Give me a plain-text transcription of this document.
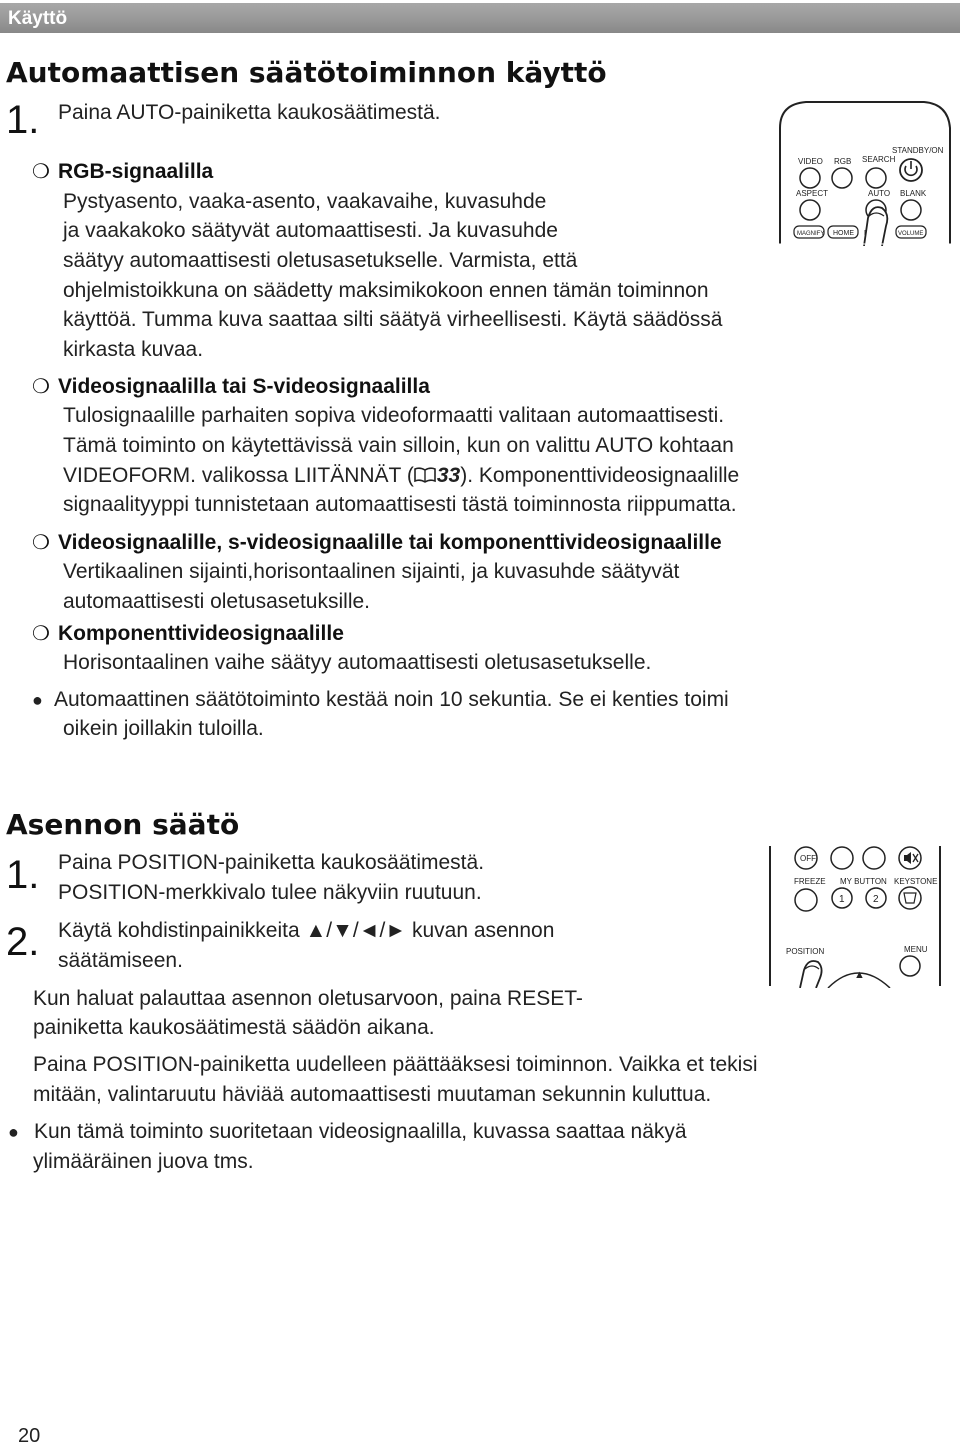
Käyttö
Automaattisen säätötoiminnon käyttö
1. Paina AUTO-painiketta kaukosäätimestä.
❍ RGB-signaalilla
Pystyasento, vaaka-asento, vaakavaihe, kuvasuhde
ja vaakakoko säätyvät automaattisesti. Ja kuvasuhde
säätyy automaattisesti oletusasetukselle. Varmista, että
ohjelmistoikkuna on säädetty maksimikokoon ennen tämän toiminnon
käyttöä. Tumma kuva saattaa silti säätyä virheellisesti. Käytä säädössä
kirkasta kuvaa.
❍ Videosignaalilla tai S-videosignaalilla
Tulosignaalille parhaiten sopiva videoformaatti valitaan automaattisesti.
Tämä toiminto on käytettävissä vain silloin, kun on valittu AUTO kohtaan
VIDEOFORM. valikossa LIITÄNNÄT ( 33). Komponenttivideosignaalille
signaalityyppi tunnistetaan automaattisesti tästä toiminnosta riippumatta.
❍ Videosignaalille, s-videosignaalille tai komponenttivideosignaalille
Vertikaalinen sijainti,horisontaalinen sijainti, ja kuvasuhde säätyvät
automaattisesti oletusasetuksille.
❍ Komponenttivideosignaalille
Horisontaalinen vaihe säätyy automaattisesti oletusasetukselle.
● Automaattinen säätötoiminto kestää noin 10 sekuntia. Se ei kenties toimi
oikein joillakin tuloilla.
STANDBY/ON
VIDEO RGB SEARCH
ASPECT	AUTO BLANK
MAGNIFY HOME	VOLUME
Asennon säätö
1. Paina POSITION-painiketta kaukosäätimestä.
POSITION-merkkivalo tulee näkyviin ruutuun.
2. Käytä kohdistinpainikkeita ▲/▼/◄/► kuvan asennon
säätämiseen.
Kun haluat palauttaa asennon oletusarvoon, paina RESET-
painiketta kaukosäätimestä säädön aikana.
Paina POSITION-painiketta uudelleen päättääksesi toiminnon. Vaikka et tekisi
mitään, valintaruutu häviää automaattisesti muutaman sekunnin kuluttua.
● Kun tämä toiminto suoritetaan videosignaalilla, kuvassa saattaa näkyä
ylimääräinen juova tms.
OFF
FREEZE MY BUTTON KEYSTONE
1	2
POSITION	MENU
▲
20
